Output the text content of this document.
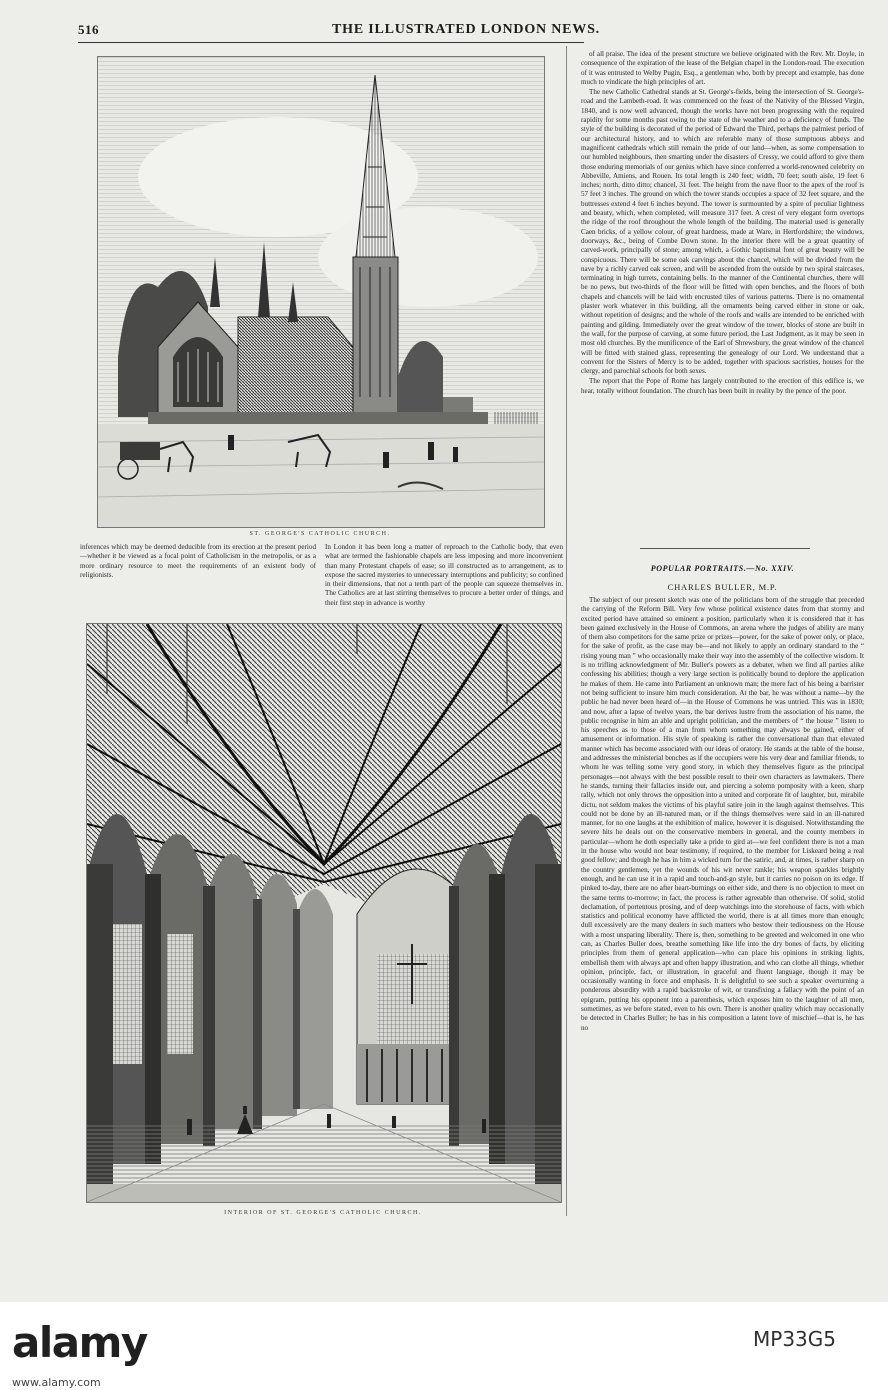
516	THE ILLUSTRATED LONDON NEWS.
ST. GEORGE'S CATHOLIC CHURCH.
inferences which may be deemed deducible from its erection at the present period—whether it be viewed as a focal point of Catholicism in the metropolis, or as a more ordinary resource to meet the requirements of an existent body of religionists.
In London it has been long a matter of reproach to the Catholic body, that even what are termed the fashionable chapels are less imposing and more inconvenient than many Protestant chapels of ease; so ill constructed as to arrangement, as to expose the sacred mysteries to unnecessary interruptions and publicity; so confined in their dimensions, that not a tenth part of the people can squeeze themselves in. The Catholics are at last stirring themselves to procure a better order of things, and their first step in advance is worthy
INTERIOR OF ST. GEORGE'S CATHOLIC CHURCH.

of all praise. The idea of the present structure we believe originated with the Rev. Mr. Doyle, in consequence of the expiration of the lease of the Belgian chapel in the London-road. The execution of it was entrusted to Welby Pugin, Esq., a gentleman who, both by precept and example, has done much to vindicate the high principles of art.

The new Catholic Cathedral stands at St. George's-fields, being the intersection of St. George's-road and the Lambeth-road. It was commenced on the feast of the Nativity of the Blessed Virgin, 1840, and is now well advanced, though the works have not been progressing with the required rapidity for some months past owing to the state of the weather and to a deficiency of funds. The style of the building is decorated of the period of Edward the Third, perhaps the palmiest period of our architectural history, and to which are referable many of those sumptuous abbeys and magnificent cathedrals which still remain the pride of our land—when, as some compensation to our humbled neighbours, then smarting under the disasters of Cressy, we could afford to give them those enduring memorials of our genius which have since conferred a world-renowned celebrity on Abbeville, Amiens, and Rouen. Its total length is 240 feet; width, 70 feet; south aisle, 19 feet 6 inches; north, ditto ditto; chancel, 31 feet. The height from the nave floor to the apex of the roof is 57 feet 3 inches. The ground on which the tower stands occupies a space of 32 feet square, and the buttresses extend 4 feet 6 inches beyond. The tower is surmounted by a spire of peculiar lightness and beauty, which, when completed, will measure 317 feet. A crest of very elegant form overtops the ridge of the roof throughout the whole length of the building. The material used is generally Caen bricks, of a yellow colour, of great hardness, made at Ware, in Hertfordshire; the windows, doorways, &c., being of Combe Down stone. In the interior there will be a great quantity of carved-work, principally of stone; among which, a Gothic baptismal font of great beauty will be conspicuous. There will be some oak carvings about the chancel, which will be divided from the nave by a richly carved oak screen, and will be ascended from the outside by two spiral staircases, terminating in high turrets, containing bells. In the manner of the Continental churches, there will be no pews, but two-thirds of the floor will be fitted with open benches, and the floors of both chapels and chancels will be laid with encrusted tiles of various patterns. There is no ornamental plaster work whatever in this building, all the ornaments being carved either in stone or oak, without repetition of designs; and the whole of the roofs and walls are intended to be enriched with painting and gilding. Immediately over the great window of the tower, blocks of stone are built in the wall, for the purpose of carving, at some future period, the Last Judgment, as it may be seen in most old churches. By the munificence of the Earl of Shrewsbury, the great window of the chancel will be fitted with stained glass, representing the genealogy of our Lord. We understand that a convent for the Sisters of Mercy is to be added, together with spacious sacristies, houses for the clergy, and parochial schools for both sexes.

The report that the Pope of Rome has largely contributed to the erection of this edifice is, we hear, totally without foundation. The church has been built in reality by the pence of the poor.

POPULAR PORTRAITS.—No. XXIV.
CHARLES BULLER, M.P.

The subject of our present sketch was one of the politicians born of the struggle that preceded the carrying of the Reform Bill. Very few whose political existence dates from that stormy and excited period have attained so eminent a position, particularly when it is considered that it has been gained exclusively in the House of Commons, an arena where the judges of ability are many of them also competitors for the same prize or prizes—power, for the sake of power only, or place, for the sake of profit, as the case may be—and not likely to apply an ordinary standard to the “ rising young man ” who occasionally make their way into the assembly of the collective wisdom. It is no trifling acknowledgment of Mr. Buller's powers as a debater, when we find all parties alike confessing his abilities; though a very large section is politically bound to deplore the application he makes of them. He came into Parliament an unknown man; the mere fact of his being a barrister not being sufficient to insure him much consideration. At the bar, he was without a name—by the public he had never been heard of—in the House of Commons he was untried. This was in 1830; and now, after a lapse of twelve years, the bar derives lustre from the association of his name, the public recognise in him an able and upright politician, and the members of “ the house ” listen to his speeches as to those of a man from whom something may always be gained, either of amusement or information. His style of speaking is rather the conversational than that elevated manner which has become associated with our ideas of oratory. He stands at the table of the house, and addresses the ministerial benches as if the occupiers were his very dear and familiar friends, to whom he was telling some very good story, in which they themselves figure as the principal personages—not always with the best possible result to their own characters as lawmakers. There he stands, turning their fallacies inside out, and piercing a solemn pomposity with a keen, sharp rally, which not only throws the opposition into a united and corporate fit of laughter, but, mirabile dictu, not seldom makes the victims of his playful satire join in the laugh against themselves. This could not be done by an ill-natured man, or if the things themselves were said in an ill-natured manner, for no one laughs at the exhibition of malice, however it is disguised. Notwithstanding the severe hits he deals out on the conservative members in general, and the county members in particular—whom he doth especially take a pride to gird at—we feel confident there is not a man in the house who would not bear testimony, if required, to the member for Liskeard being a real good fellow; and though he has in him a wicked turn for the satiric, and, at times, is rather sharp on the country gentlemen, yet the wounds of his wit never rankle; his weapon sparkles brightly enough, and he can use it in a rapid and touch-and-go style, but it carries no poison on its edge. If pinked to-day, there are no after heart-burnings on either side, and there is no objection to meet on the same terms to-morrow; in fact, the process is rather agreeable than otherwise. Of solid, stolid declamation, of portentous prosing, and of deep watchings into the storehouse of facts, with which statistics and political economy have afflicted the world, there is at all times more than enough; dull excessively are the many dealers in such matters who bestow their tediousness on the House with a most unsparing liberality. There is, then, something to be greeted and welcomed in one who can, as Charles Buller does, breathe something like life into the dry bones of facts, by eliciting principles from them of general application—who can place his opinions in striking lights, embellish them with always apt and often happy illustration, and who can clothe all things, whether opinion, principle, fact, or illustration, in graceful and fluent language, though it may be occasionally wanting in force and emphasis. It is delightful to see such a speaker overturning a ponderous absurdity with a rapid backstroke of wit, or transfixing a fallacy with the point of an epigram, putting his opponent into a parenthesis, which exposes him to the laughter of all men, sometimes, as we before stated, even to his own. There is another quality which may occasionally be detected in Charles Buller; he has in his composition a latent love of mischief—that is, he has no

alamy	MP33G5
www.alamy.com
